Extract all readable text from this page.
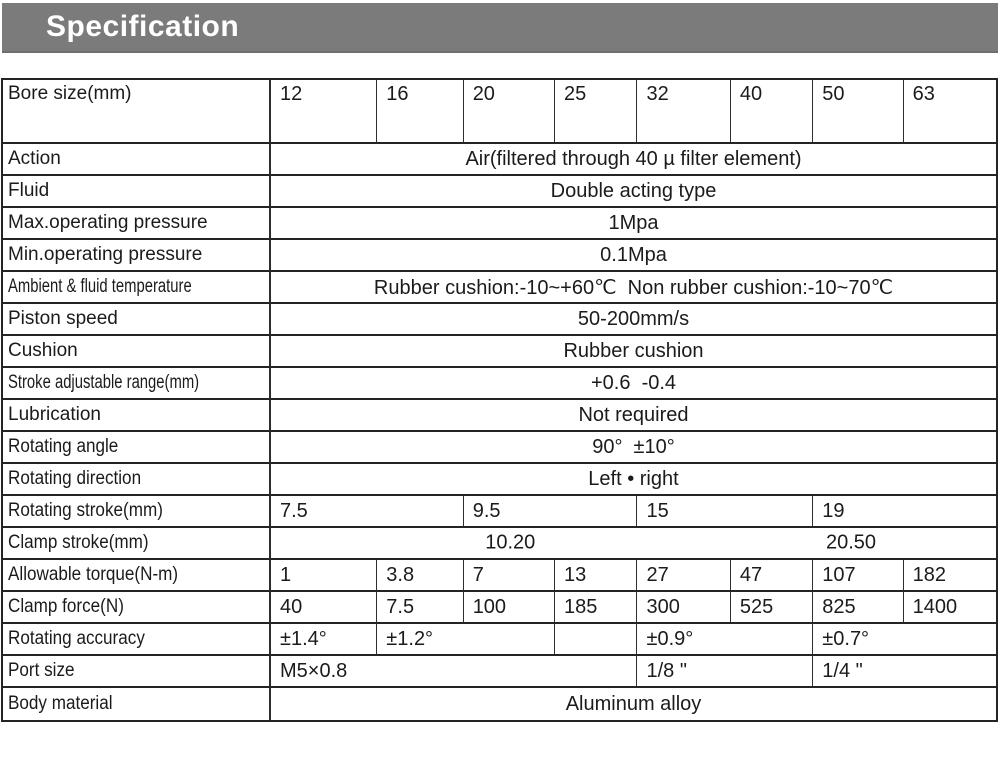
Specification
Bore size(mm)	12	16	20	25	32	40	50	63
Action	Air(filtered through 40 µ filter element)
Fluid	Double acting type
Max.operating pressure	1Mpa
Min.operating pressure	0.1Mpa
Ambient & fluid temperature	Rubber cushion:-10~+60℃  Non rubber cushion:-10~70℃
Piston speed	50-200mm/s
Cushion	Rubber cushion
Stroke adjustable range(mm)	+0.6  -0.4
Lubrication	Not required
Rotating angle	90°  ±10°
Rotating direction	Left • right
Rotating stroke(mm)	7.5	9.5	15	19
Clamp stroke(mm)	10.20	20.50
Allowable torque(N-m)	1	3.8	7	13	27	47	107	182
Clamp force(N)	40	7.5	100	185	300	525	825	1400
Rotating accuracy	±1.4°	±1.2°	±0.9°	±0.7°
Port size	M5×0.8	1/8 "	1/4 "
Body material	Aluminum alloy
